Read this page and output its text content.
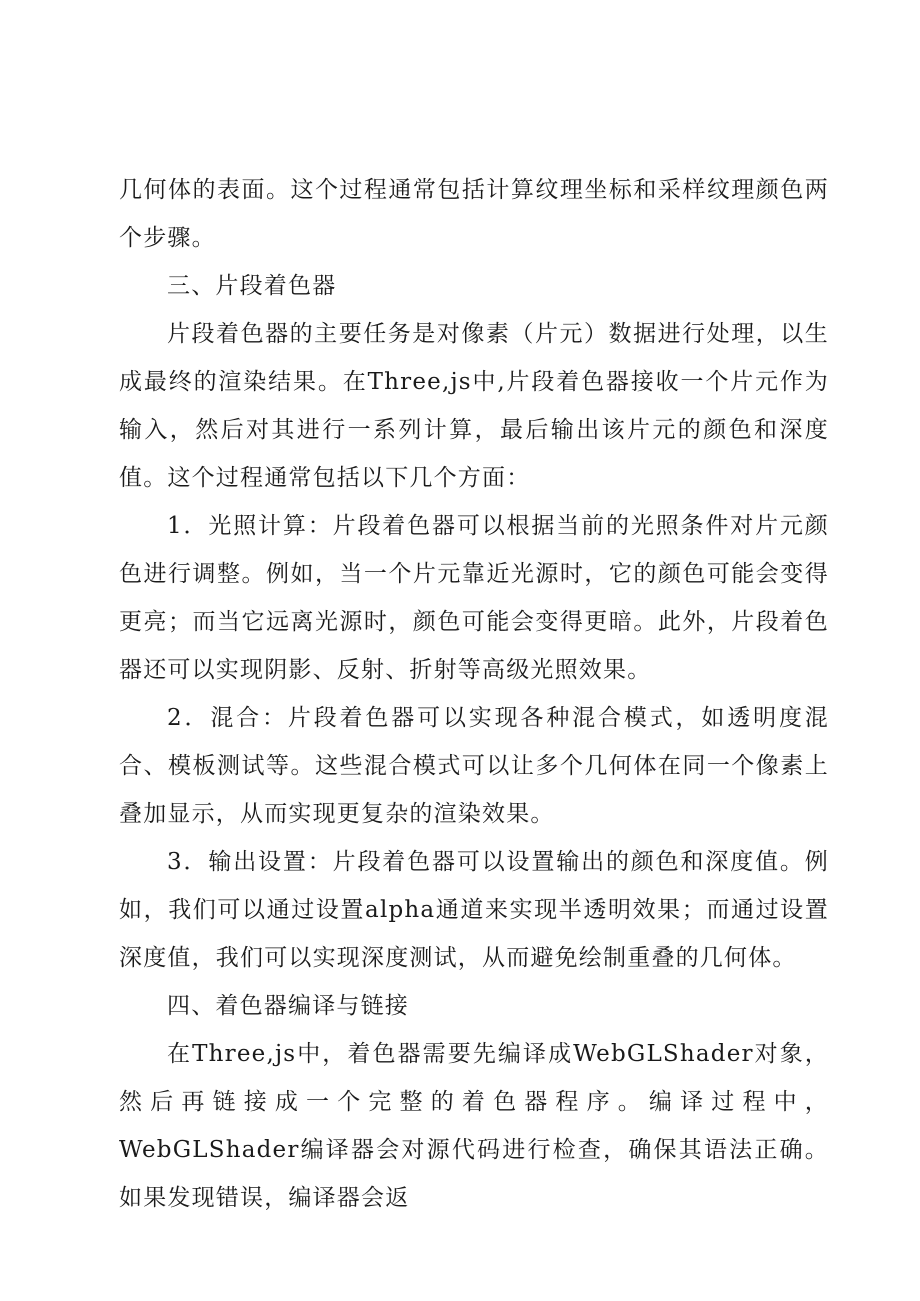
几何体的表面。这个过程通常包括计算纹理坐标和采样纹理颜色两个步骤。

三、片段着色器

片段着色器的主要任务是对像素（片元）数据进行处理，以生成最终的渲染结果。在Three,js中,片段着色器接收一个片元作为输入，然后对其进行一系列计算，最后输出该片元的颜色和深度值。这个过程通常包括以下几个方面：

1．光照计算：片段着色器可以根据当前的光照条件对片元颜色进行调整。例如，当一个片元靠近光源时，它的颜色可能会变得更亮；而当它远离光源时，颜色可能会变得更暗。此外，片段着色器还可以实现阴影、反射、折射等高级光照效果。

2．混合：片段着色器可以实现各种混合模式，如透明度混合、模板测试等。这些混合模式可以让多个几何体在同一个像素上叠加显示，从而实现更复杂的渲染效果。

3．输出设置：片段着色器可以设置输出的颜色和深度值。例如，我们可以通过设置alpha通道来实现半透明效果；而通过设置深度值，我们可以实现深度测试，从而避免绘制重叠的几何体。

四、着色器编译与链接

在Three,js中，着色器需要先编译成WebGLShader对象，然后再链接成一个完整的着色器程序。编译过程中，WebGLShader编译器会对源代码进行检查，确保其语法正确。如果发现错误，编译器会返
